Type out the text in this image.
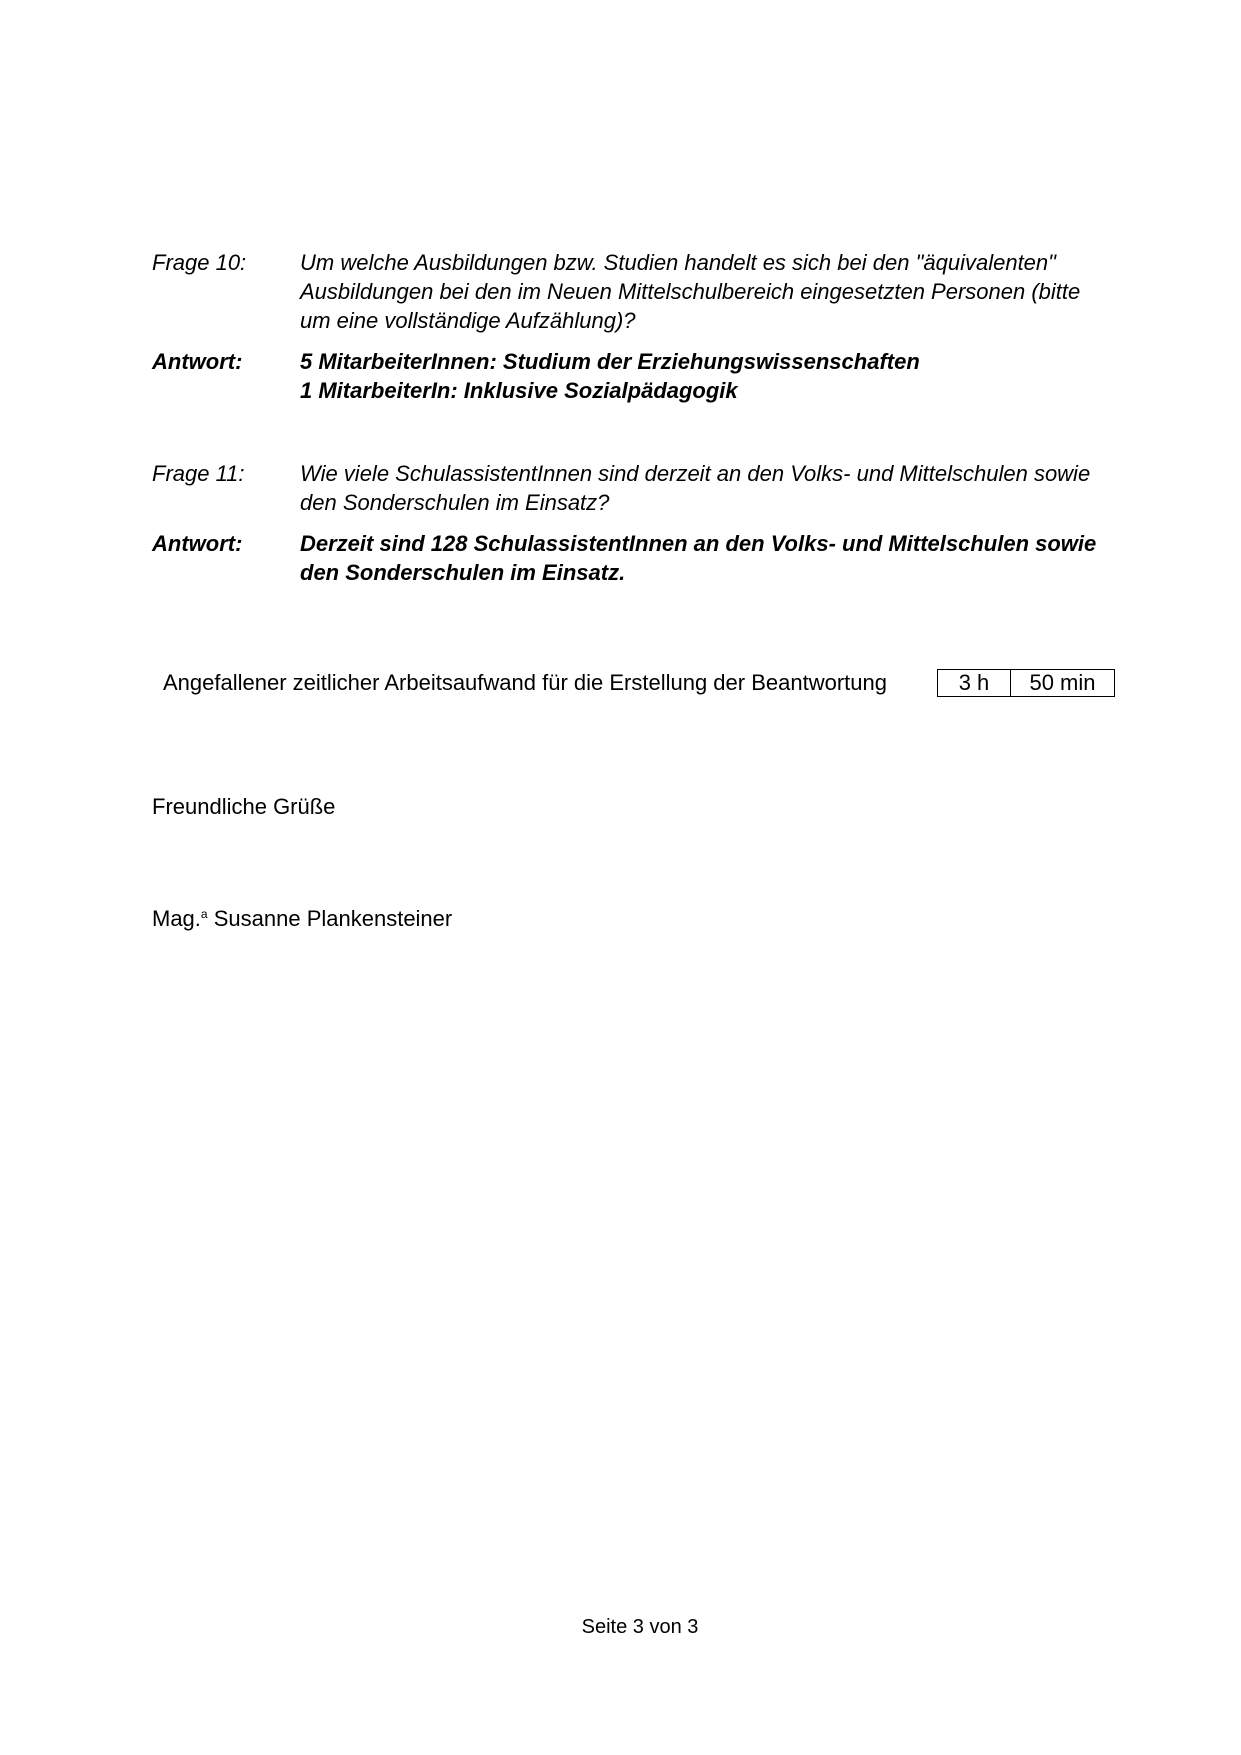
Frage 10:	Um welche Ausbildungen bzw. Studien handelt es sich bei den "äquivalenten"
Ausbildungen bei den im Neuen Mittelschulbereich eingesetzten Personen (bitte
um eine vollständige Aufzählung)?
Antwort:	5 MitarbeiterInnen: Studium der Erziehungswissenschaften
1 MitarbeiterIn: Inklusive Sozialpädagogik
Frage 11:	Wie viele SchulassistentInnen sind derzeit an den Volks- und Mittelschulen sowie
den Sonderschulen im Einsatz?
Antwort:	Derzeit sind 128 SchulassistentInnen an den Volks- und Mittelschulen sowie
den Sonderschulen im Einsatz.
Angefallener zeitlicher Arbeitsaufwand für die Erstellung der Beantwortung	3 h	50 min
Freundliche Grüße
Mag.$^a$ Susanne Plankensteiner
Seite 3 von 3
